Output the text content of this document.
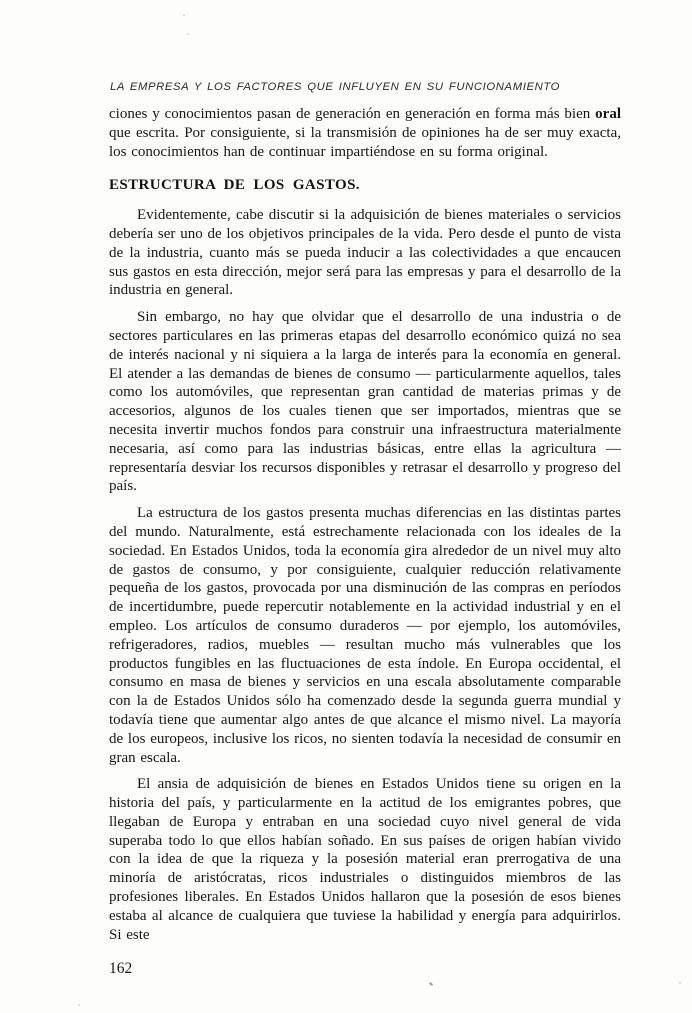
LA EMPRESA Y LOS FACTORES QUE INFLUYEN EN SU FUNCIONAMIENTO

ciones y conocimientos pasan de generación en generación en forma más bien oral que escrita. Por consiguiente, si la transmisión de opiniones ha de ser muy exacta, los conocimientos han de continuar impartiéndose en su forma original.

ESTRUCTURA DE LOS GASTOS.

Evidentemente, cabe discutir si la adquisición de bienes materiales o servicios debería ser uno de los objetivos principales de la vida. Pero desde el punto de vista de la industria, cuanto más se pueda inducir a las colectividades a que encaucen sus gastos en esta dirección, mejor será para las empresas y para el desarrollo de la industria en general.

Sin embargo, no hay que olvidar que el desarrollo de una industria o de sectores particulares en las primeras etapas del desarrollo económico quizá no sea de interés nacional y ni siquiera a la larga de interés para la economía en general. El atender a las demandas de bienes de consumo — particularmente aquellos, tales como los automóviles, que representan gran cantidad de materias primas y de accesorios, algunos de los cuales tienen que ser importados, mientras que se necesita invertir muchos fondos para construir una infraestructura materialmente necesaria, así como para las industrias básicas, entre ellas la agricultura — representaría desviar los recursos disponibles y retrasar el desarrollo y progreso del país.

La estructura de los gastos presenta muchas diferencias en las distintas partes del mundo. Naturalmente, está estrechamente relacionada con los ideales de la sociedad. En Estados Unidos, toda la economía gira alrededor de un nivel muy alto de gastos de consumo, y por consiguiente, cualquier reducción relativamente pequeña de los gastos, provocada por una disminución de las compras en períodos de incertidumbre, puede repercutir notablemente en la actividad industrial y en el empleo. Los artículos de consumo duraderos — por ejemplo, los automóviles, refrigeradores, radios, muebles — resultan mucho más vulnerables que los productos fungibles en las fluctuaciones de esta índole. En Europa occidental, el consumo en masa de bienes y servicios en una escala absolutamente comparable con la de Estados Unidos sólo ha comenzado desde la segunda guerra mundial y todavía tiene que aumentar algo antes de que alcance el mismo nivel. La mayoría de los europeos, inclusive los ricos, no sienten todavía la necesidad de consumir en gran escala.

El ansia de adquisición de bienes en Estados Unidos tiene su origen en la historia del país, y particularmente en la actitud de los emigrantes pobres, que llegaban de Europa y entraban en una sociedad cuyo nivel general de vida superaba todo lo que ellos habían soñado. En sus países de origen habían vivido con la idea de que la riqueza y la posesión material eran prerrogativa de una minoría de aristócratas, ricos industriales o distinguidos miembros de las profesiones liberales. En Estados Unidos hallaron que la posesión de esos bienes estaba al alcance de cualquiera que tuviese la habilidad y energía para adquirirlos. Si este

162
